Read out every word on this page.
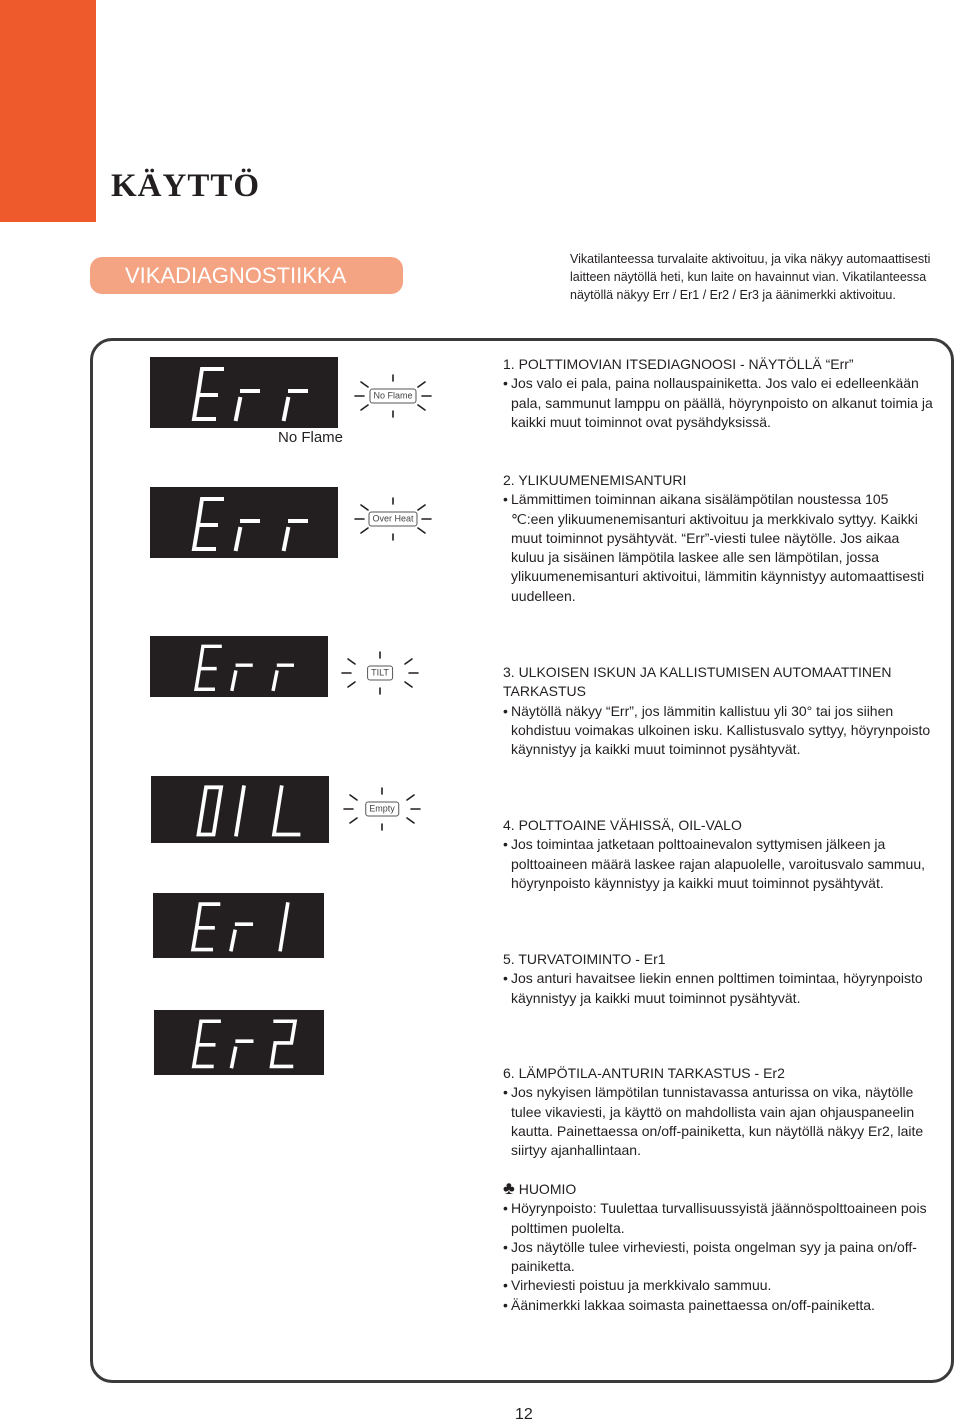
KÄYTTÖ
VIKADIAGNOSTIIKKA

Vikatilanteessa turvalaite aktivoituu, ja vika näkyy automaattisesti laitteen näytöllä heti, kun laite on havainnut vian. Vikatilanteessa näytöllä näkyy Err / Er1 / Er2 / Er3 ja äänimerkki aktivoituu.

No Flame
No Flame
Over Heat
TILT
Empty
1. POLTTIMOVIAN ITSEDIAGNOOSI - NÄYTÖLLÄ “Err”
• Jos valo ei pala, paina nollauspainiketta. Jos valo ei edelleenkään pala, sammunut lamppu on päällä, höyrynpoisto on alkanut toimia ja kaikki muut toiminnot ovat pysähdyksissä.
2. YLIKUUMENEMISANTURI
• Lämmittimen toiminnan aikana sisälämpötilan noustessa 105 ℃:een ylikuumenemisanturi aktivoituu ja merkkivalo syttyy. Kaikki muut toiminnot pysähtyvät. “Err”-viesti tulee näytölle. Jos aikaa kuluu ja sisäinen lämpötila laskee alle sen lämpötilan, jossa ylikuumenemisanturi aktivoitui, lämmitin käynnistyy automaattisesti uudelleen.
3. ULKOISEN ISKUN JA KALLISTUMISEN AUTOMAATTINEN TARKASTUS
• Näytöllä näkyy “Err”, jos lämmitin kallistuu yli 30° tai jos siihen kohdistuu voimakas ulkoinen isku. Kallistusvalo syttyy, höyrynpoisto käynnistyy ja kaikki muut toiminnot pysähtyvät.
4. POLTTOAINE VÄHISSÄ, OIL-VALO
• Jos toimintaa jatketaan polttoainevalon syttymisen jälkeen ja polttoaineen määrä laskee rajan alapuolelle, varoitusvalo sammuu, höyrynpoisto käynnistyy ja kaikki muut toiminnot pysähtyvät.
5. TURVATOIMINTO - Er1
• Jos anturi havaitsee liekin ennen polttimen toimintaa, höyrynpoisto käynnistyy ja kaikki muut toiminnot pysähtyvät.
6. LÄMPÖTILA-ANTURIN TARKASTUS - Er2
• Jos nykyisen lämpötilan tunnistavassa anturissa on vika, näytölle tulee vikaviesti, ja käyttö on mahdollista vain ajan ohjauspaneelin kautta. Painettaessa on/off-painiketta, kun näytöllä näkyy Er2, laite siirtyy ajanhallintaan.
♣ HUOMIO
• Höyrynpoisto: Tuulettaa turvallisuussyistä jäännöspolttoaineen pois polttimen puolelta.
• Jos näytölle tulee virheviesti, poista ongelman syy ja paina on/off-painiketta.
• Virheviesti poistuu ja merkkivalo sammuu.
• Äänimerkki lakkaa soimasta painettaessa on/off-painiketta.
12
